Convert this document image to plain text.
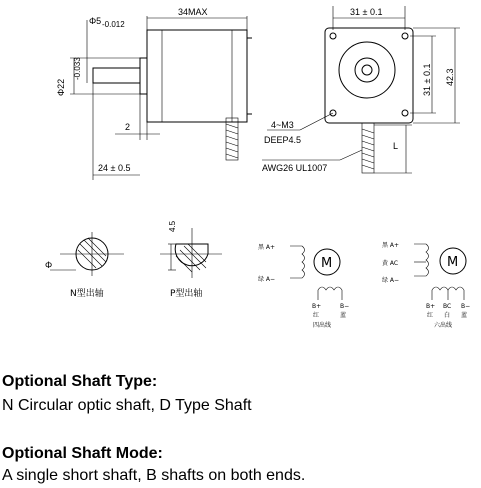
34MAX
Φ5 -0.012
Φ22
-0.033
2
24 ± 0.5
31 ± 0.1
31 ± 0.1 42.3
L
4~M3
DEEP4.5
AWG26 UL1007
Φ
N型出轴
4.5
P型出轴
M
黑 A+
绿 A−
B+	B−
红	蓝
四出线
M
黑 A+
黄 AC
绿 A−
B+ BC B−
红 白 蓝
六出线
Optional Shaft Type:
N Circular optic shaft, D Type Shaft
Optional Shaft Mode:
A single short shaft, B shafts on both ends.
